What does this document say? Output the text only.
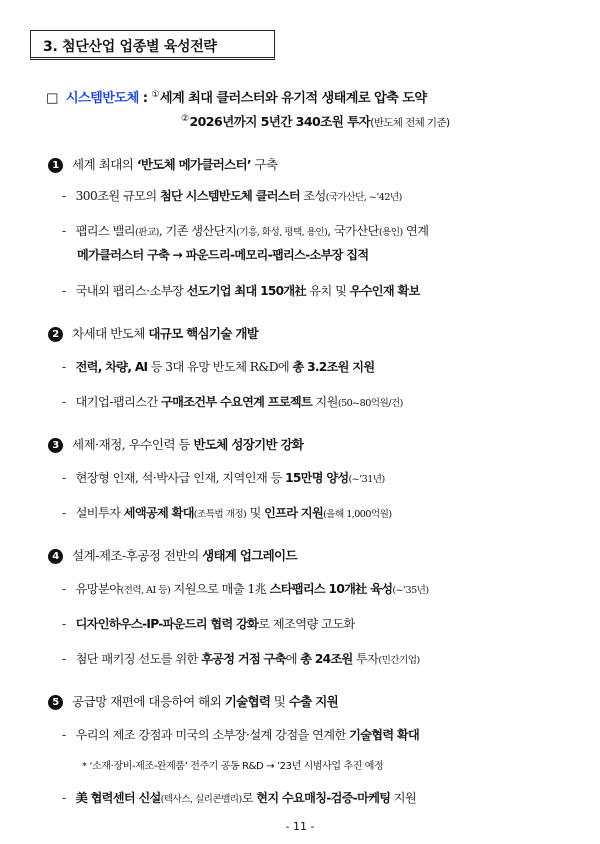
3. 첨단산업 업종별 육성전략
□ 시스템반도체 : ①세계 최대 클러스터와 유기적 생태계로 압축 도약
②2026년까지 5년간 340조원 투자(반도체 전체 기준)
1 세계 최대의 ‘반도체 메가클러스터’ 구축
- 300조원 규모의 첨단 시스템반도체 클러스터 조성(국가산단, ~’42년)
- 팹리스 밸리(판교), 기존 생산단지(기흥, 화성, 평택, 용인), 국가산단(용인) 연계
메가클러스터 구축 → 파운드리-메모리-팹리스-소부장 집적
- 국내외 팹리스·소부장 선도기업 최대 150개社 유치 및 우수인재 확보
2 차세대 반도체 대규모 핵심기술 개발
- 전력, 차량, AI 등 3대 유망 반도체 R&D에 총 3.2조원 지원
- 대기업-팹리스간 구매조건부 수요연계 프로젝트 지원(50~80억원/건)
3 세제·재정, 우수인력 등 반도체 성장기반 강화
- 현장형 인재, 석·박사급 인재, 지역인재 등 15만명 양성(~’31년)
- 설비투자 세액공제 확대(조특법 개정) 및 인프라 지원(올해 1,000억원)
4 설계-제조-후공정 전반의 생태계 업그레이드
- 유망분야(전력, AI 등) 지원으로 매출 1兆 스타팹리스 10개社 육성(~’35년)
- 디자인하우스-IP-파운드리 협력 강화로 제조역량 고도화
- 첨단 패키징 선도를 위한 후공정 거점 구축에 총 24조원 투자(민간기업)
5 공급망 재편에 대응하여 해외 기술협력 및 수출 지원
- 우리의 제조 강점과 미국의 소부장·설계 강점을 연계한 기술협력 확대
* ‘소재·장비-제조-완제품’ 전주기 공동 R&D → ’23년 시범사업 추진 예정
- 美 협력센터 신설(텍사스, 실리콘밸리)로 현지 수요매칭-검증-마케팅 지원
- 11 -
